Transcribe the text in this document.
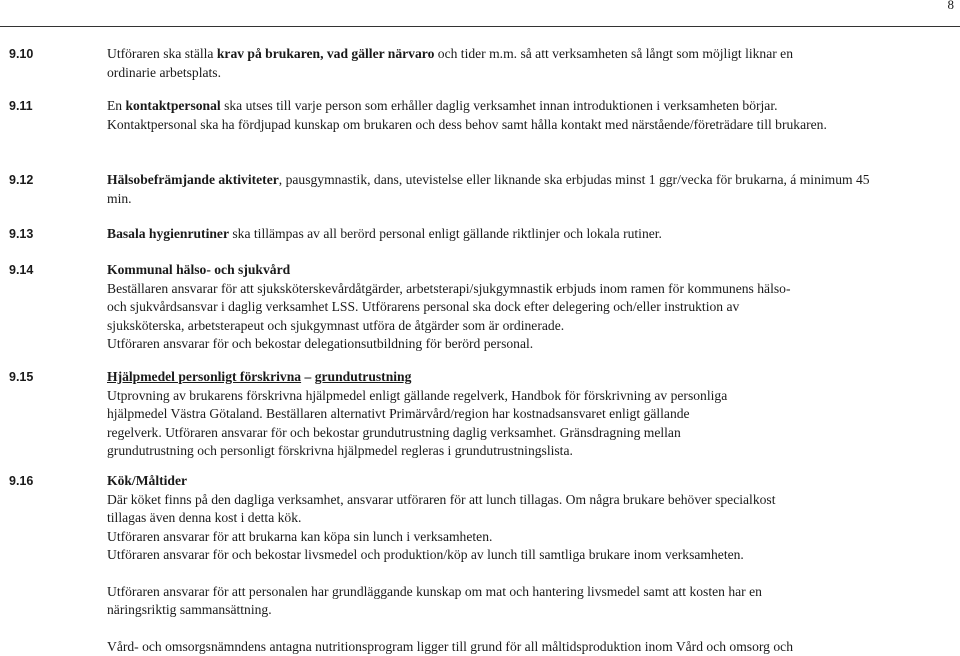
8
9.10	Utföraren ska ställa krav på brukaren, vad gäller närvaro och tider m.m. så att verksamheten så långt som möjligt liknar en
ordinarie arbetsplats.
9.11	En kontaktpersonal ska utses till varje person som erhåller daglig verksamhet innan introduktionen i verksamheten börjar.
Kontaktpersonal ska ha fördjupad kunskap om brukaren och dess behov samt hålla kontakt med närstående/företrädare till brukaren.
9.12	Hälsobefrämjande aktiviteter, pausgymnastik, dans, utevistelse eller liknande ska erbjudas minst 1 ggr/vecka för brukarna, á minimum 45 min.
9.13	Basala hygienrutiner ska tillämpas av all berörd personal enligt gällande riktlinjer och lokala rutiner.
9.14	Kommunal hälso- och sjukvård
Beställaren ansvarar för att sjuksköterskevårdåtgärder, arbetsterapi/sjukgymnastik erbjuds inom ramen för kommunens hälso-
och sjukvårdsansvar i daglig verksamhet LSS. Utförarens personal ska dock efter delegering och/eller instruktion av
sjuksköterska, arbetsterapeut och sjukgymnast utföra de åtgärder som är ordinerade.
Utföraren ansvarar för och bekostar delegationsutbildning för berörd personal.
9.15	Hjälpmedel personligt förskrivna – grundutrustning
Utprovning av brukarens förskrivna hjälpmedel enligt gällande regelverk, Handbok för förskrivning av personliga
hjälpmedel Västra Götaland. Beställaren alternativt Primärvård/region har kostnadsansvaret enligt gällande
regelverk. Utföraren ansvarar för och bekostar grundutrustning daglig verksamhet. Gränsdragning mellan
grundutrustning och personligt förskrivna hjälpmedel regleras i grundutrustningslista.
9.16	Kök/Måltider
Där köket finns på den dagliga verksamhet, ansvarar utföraren för att lunch tillagas. Om några brukare behöver specialkost
tillagas även denna kost i detta kök.
Utföraren ansvarar för att brukarna kan köpa sin lunch i verksamheten.
Utföraren ansvarar för och bekostar livsmedel och produktion/köp av lunch till samtliga brukare inom verksamheten.
Utföraren ansvarar för att personalen har grundläggande kunskap om mat och hantering livsmedel samt att kosten har en
näringsriktig sammansättning.
Vård- och omsorgsnämndens antagna nutritionsprogram ligger till grund för all måltidsproduktion inom Vård och omsorg och
